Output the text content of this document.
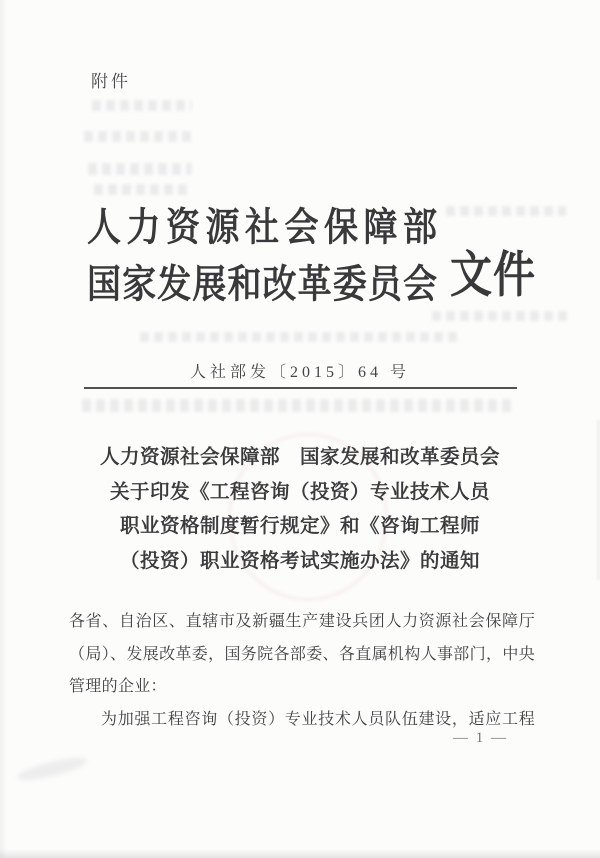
附件
人力资源社会保障部
国家发展和改革委员会 文件
人社部发〔2015〕64 号
人力资源社会保障部　国家发展和改革委员会
关于印发《工程咨询（投资）专业技术人员
职业资格制度暂行规定》和《咨询工程师
（投资）职业资格考试实施办法》的通知
各省、自治区、直辖市及新疆生产建设兵团人力资源社会保障厅
（局）、发展改革委，国务院各部委、各直属机构人事部门，中央
管理的企业：
为加强工程咨询（投资）专业技术人员队伍建设，适应工程
— 1 —
